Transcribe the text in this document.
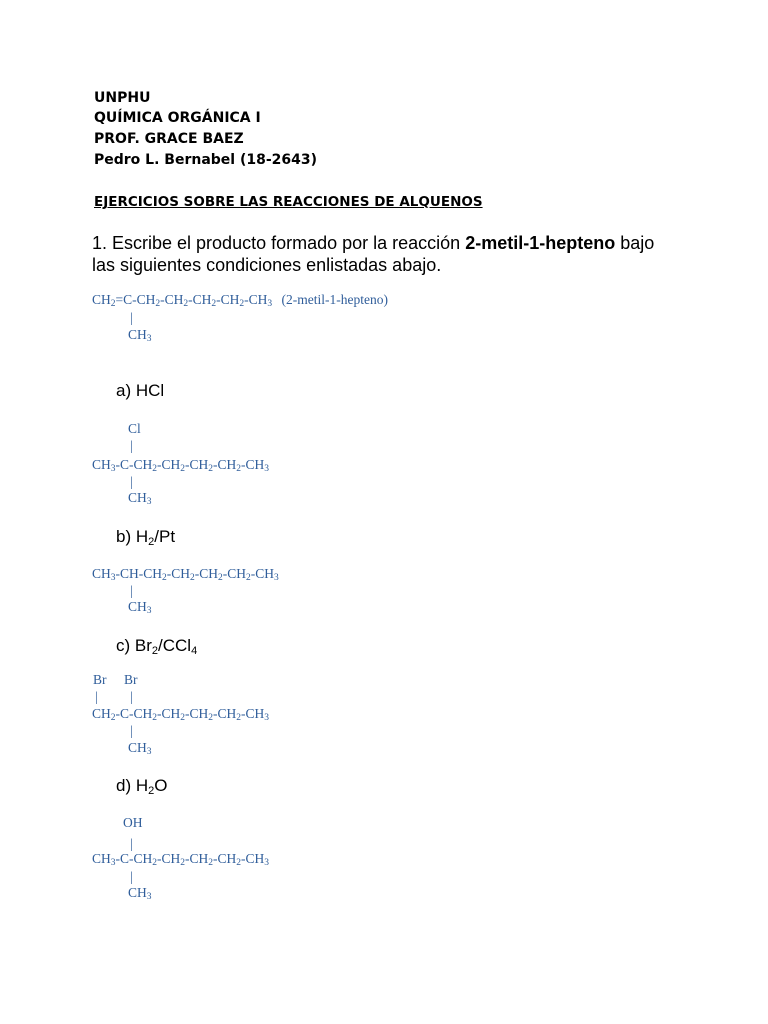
UNPHU
QUÍMICA ORGÁNICA I
PROF. GRACE BAEZ
Pedro L. Bernabel (18-2643)
EJERCICIOS SOBRE LAS REACCIONES DE ALQUENOS
1. Escribe el producto formado por la reacción 2-metil-1-hepteno bajo
las siguientes condiciones enlistadas abajo.
$CH_2=C-CH_2-CH_2-CH_2-CH_2-CH_3$ (2-metil-1-hepteno)
|
$CH_3$
a) HCl
Cl
|
$CH_3-C-CH_2-CH_2-CH_2-CH_2-CH_3$
|
$CH_3$
b) $H_2/Pt$
$CH_3-CH-CH_2-CH_2-CH_2-CH_2-CH_3$
|
$CH_3$
c) $Br_2/CCl_4$
Br Br
| |
$CH_2-C-CH_2-CH_2-CH_2-CH_2-CH_3$
|
$CH_3$
d) $H_2O$
OH
|
$CH_3-C-CH_2-CH_2-CH_2-CH_2-CH_3$
|
$CH_3$
